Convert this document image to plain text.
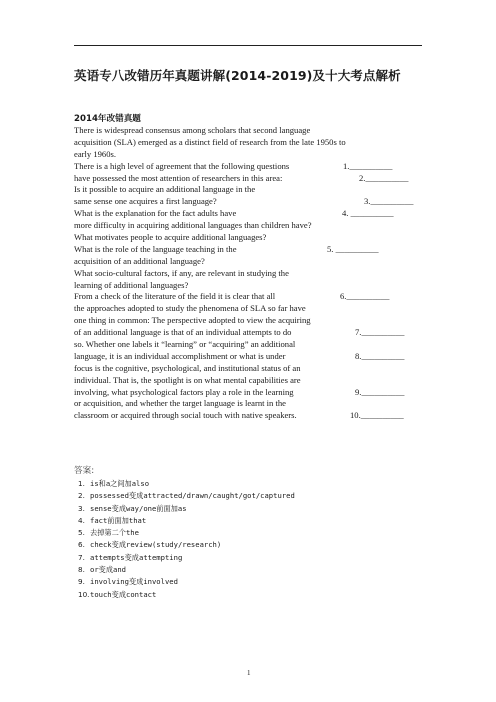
英语专八改错历年真题讲解(2014-2019)及十大考点解析
2014年改错真题
There is widespread consensus among scholars that second language
acquisition (SLA) emerged as a distinct field of research from the late 1950s to
early 1960s.
There is a high level of agreement that the following questions	1.__________
have possessed the most attention of researchers in this area:	2.__________
Is it possible to acquire an additional language in the
same sense one acquires a first language?	3.__________
What is the explanation for the fact adults have	4. __________
more difficulty in acquiring additional languages than children have?
What motivates people to acquire additional languages?
What is the role of the language teaching in the	5. __________
acquisition of an additional language?
What socio-cultural factors, if any, are relevant in studying the
learning of additional languages?
From a check of the literature of the field it is clear that all	6.__________
the approaches adopted to study the phenomena of SLA so far have
one thing in common: The perspective adopted to view the acquiring
of an additional language is that of an individual attempts to do	7.__________
so. Whether one labels it “learning” or “acquiring” an additional
language, it is an individual accomplishment or what is under	8.__________
focus is the cognitive, psychological, and institutional status of an
individual. That is, the spotlight is on what mental capabilities are
involving, what psychological factors play a role in the learning	9.__________
or acquisition, and whether the target language is learnt in the
classroom or acquired through social touch with native speakers.	10.__________
答案:
1. is和a之间加also
2. possessed变成attracted/drawn/caught/got/captured
3. sense变成way/one前面加as
4. fact前面加that
5. 去掉第二个the
6. check变成review(study/research)
7. attempts变成attempting
8. or变成and
9. involving变成involved
10.touch变成contact
1
